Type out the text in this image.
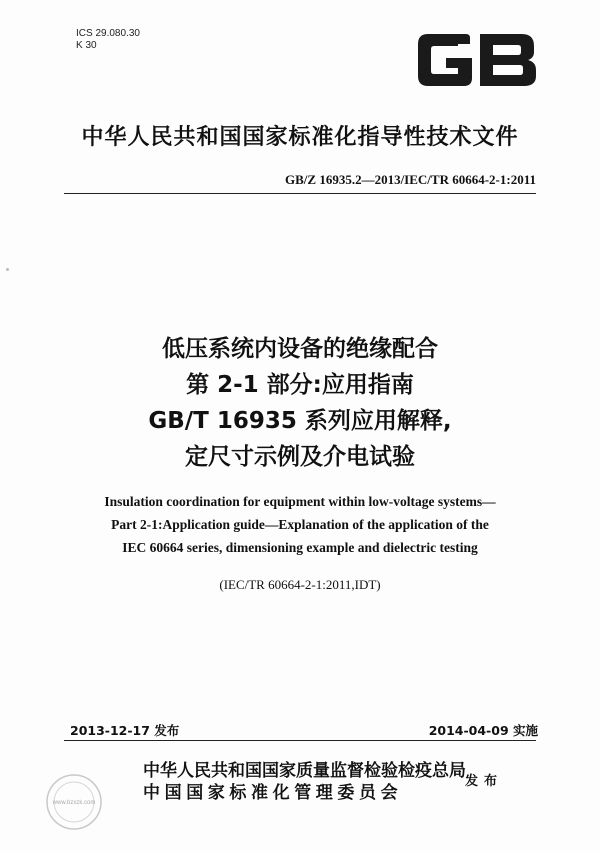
ICS 29.080.30
K 30
中华人民共和国国家标准化指导性技术文件
GB/Z 16935.2—2013/IEC/TR 60664-2-1:2011
低压系统内设备的绝缘配合
第 2-1 部分:应用指南
GB/T 16935 系列应用解释,
定尺寸示例及介电试验
Insulation coordination for equipment within low-voltage systems—
Part 2-1:Application guide—Explanation of the application of the
IEC 60664 series, dimensioning example and dielectric testing
(IEC/TR 60664-2-1:2011,IDT)
2013-12-17 发布	2014-04-09 实施
中华人民共和国国家质量监督检验检疫总局
中国国家标准化管理委员会
发布
www.bzxzk.com
